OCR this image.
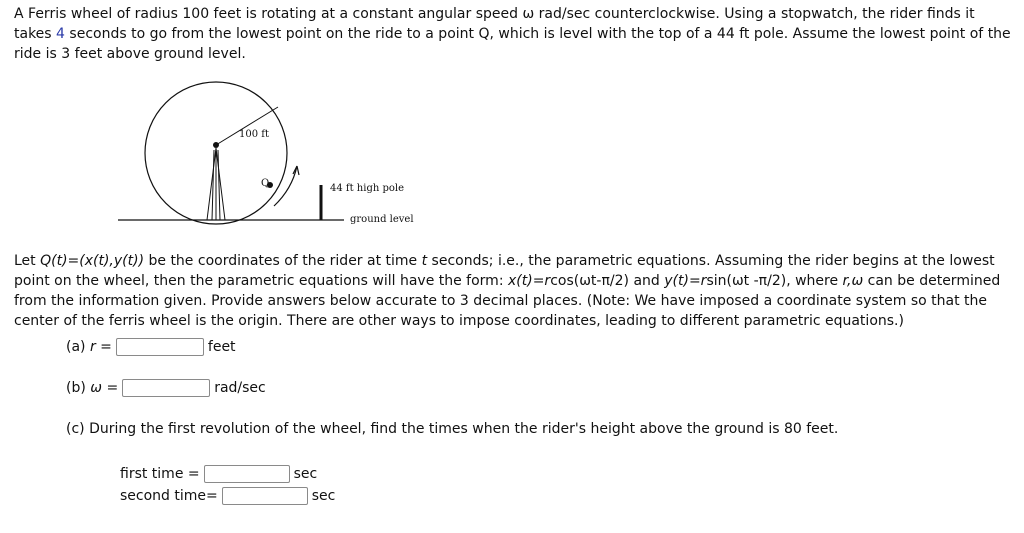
A Ferris wheel of radius 100 feet is rotating at a constant angular speed ω rad/sec counterclockwise. Using a stopwatch, the rider finds it takes 4 seconds to go from the lowest point on the ride to a point Q, which is level with the top of a 44 ft pole. Assume the lowest point of the ride is 3 feet above ground level.

100 ft
Q	44 ft high pole
ground level

Let Q(t)=(x(t),y(t)) be the coordinates of the rider at time t seconds; i.e., the parametric equations. Assuming the rider begins at the lowest point on the wheel, then the parametric equations will have the form: x(t)=rcos(ωt-π/2) and y(t)=rsin(ωt -π/2), where r,ω can be determined from the information given. Provide answers below accurate to 3 decimal places. (Note: We have imposed a coordinate system so that the center of the ferris wheel is the origin. There are other ways to impose coordinates, leading to different parametric equations.)

(a) r =	feet
(b) ω =	rad/sec
(c) During the first revolution of the wheel, find the times when the rider's height above the ground is 80 feet.
first time =	sec
second time=	sec
